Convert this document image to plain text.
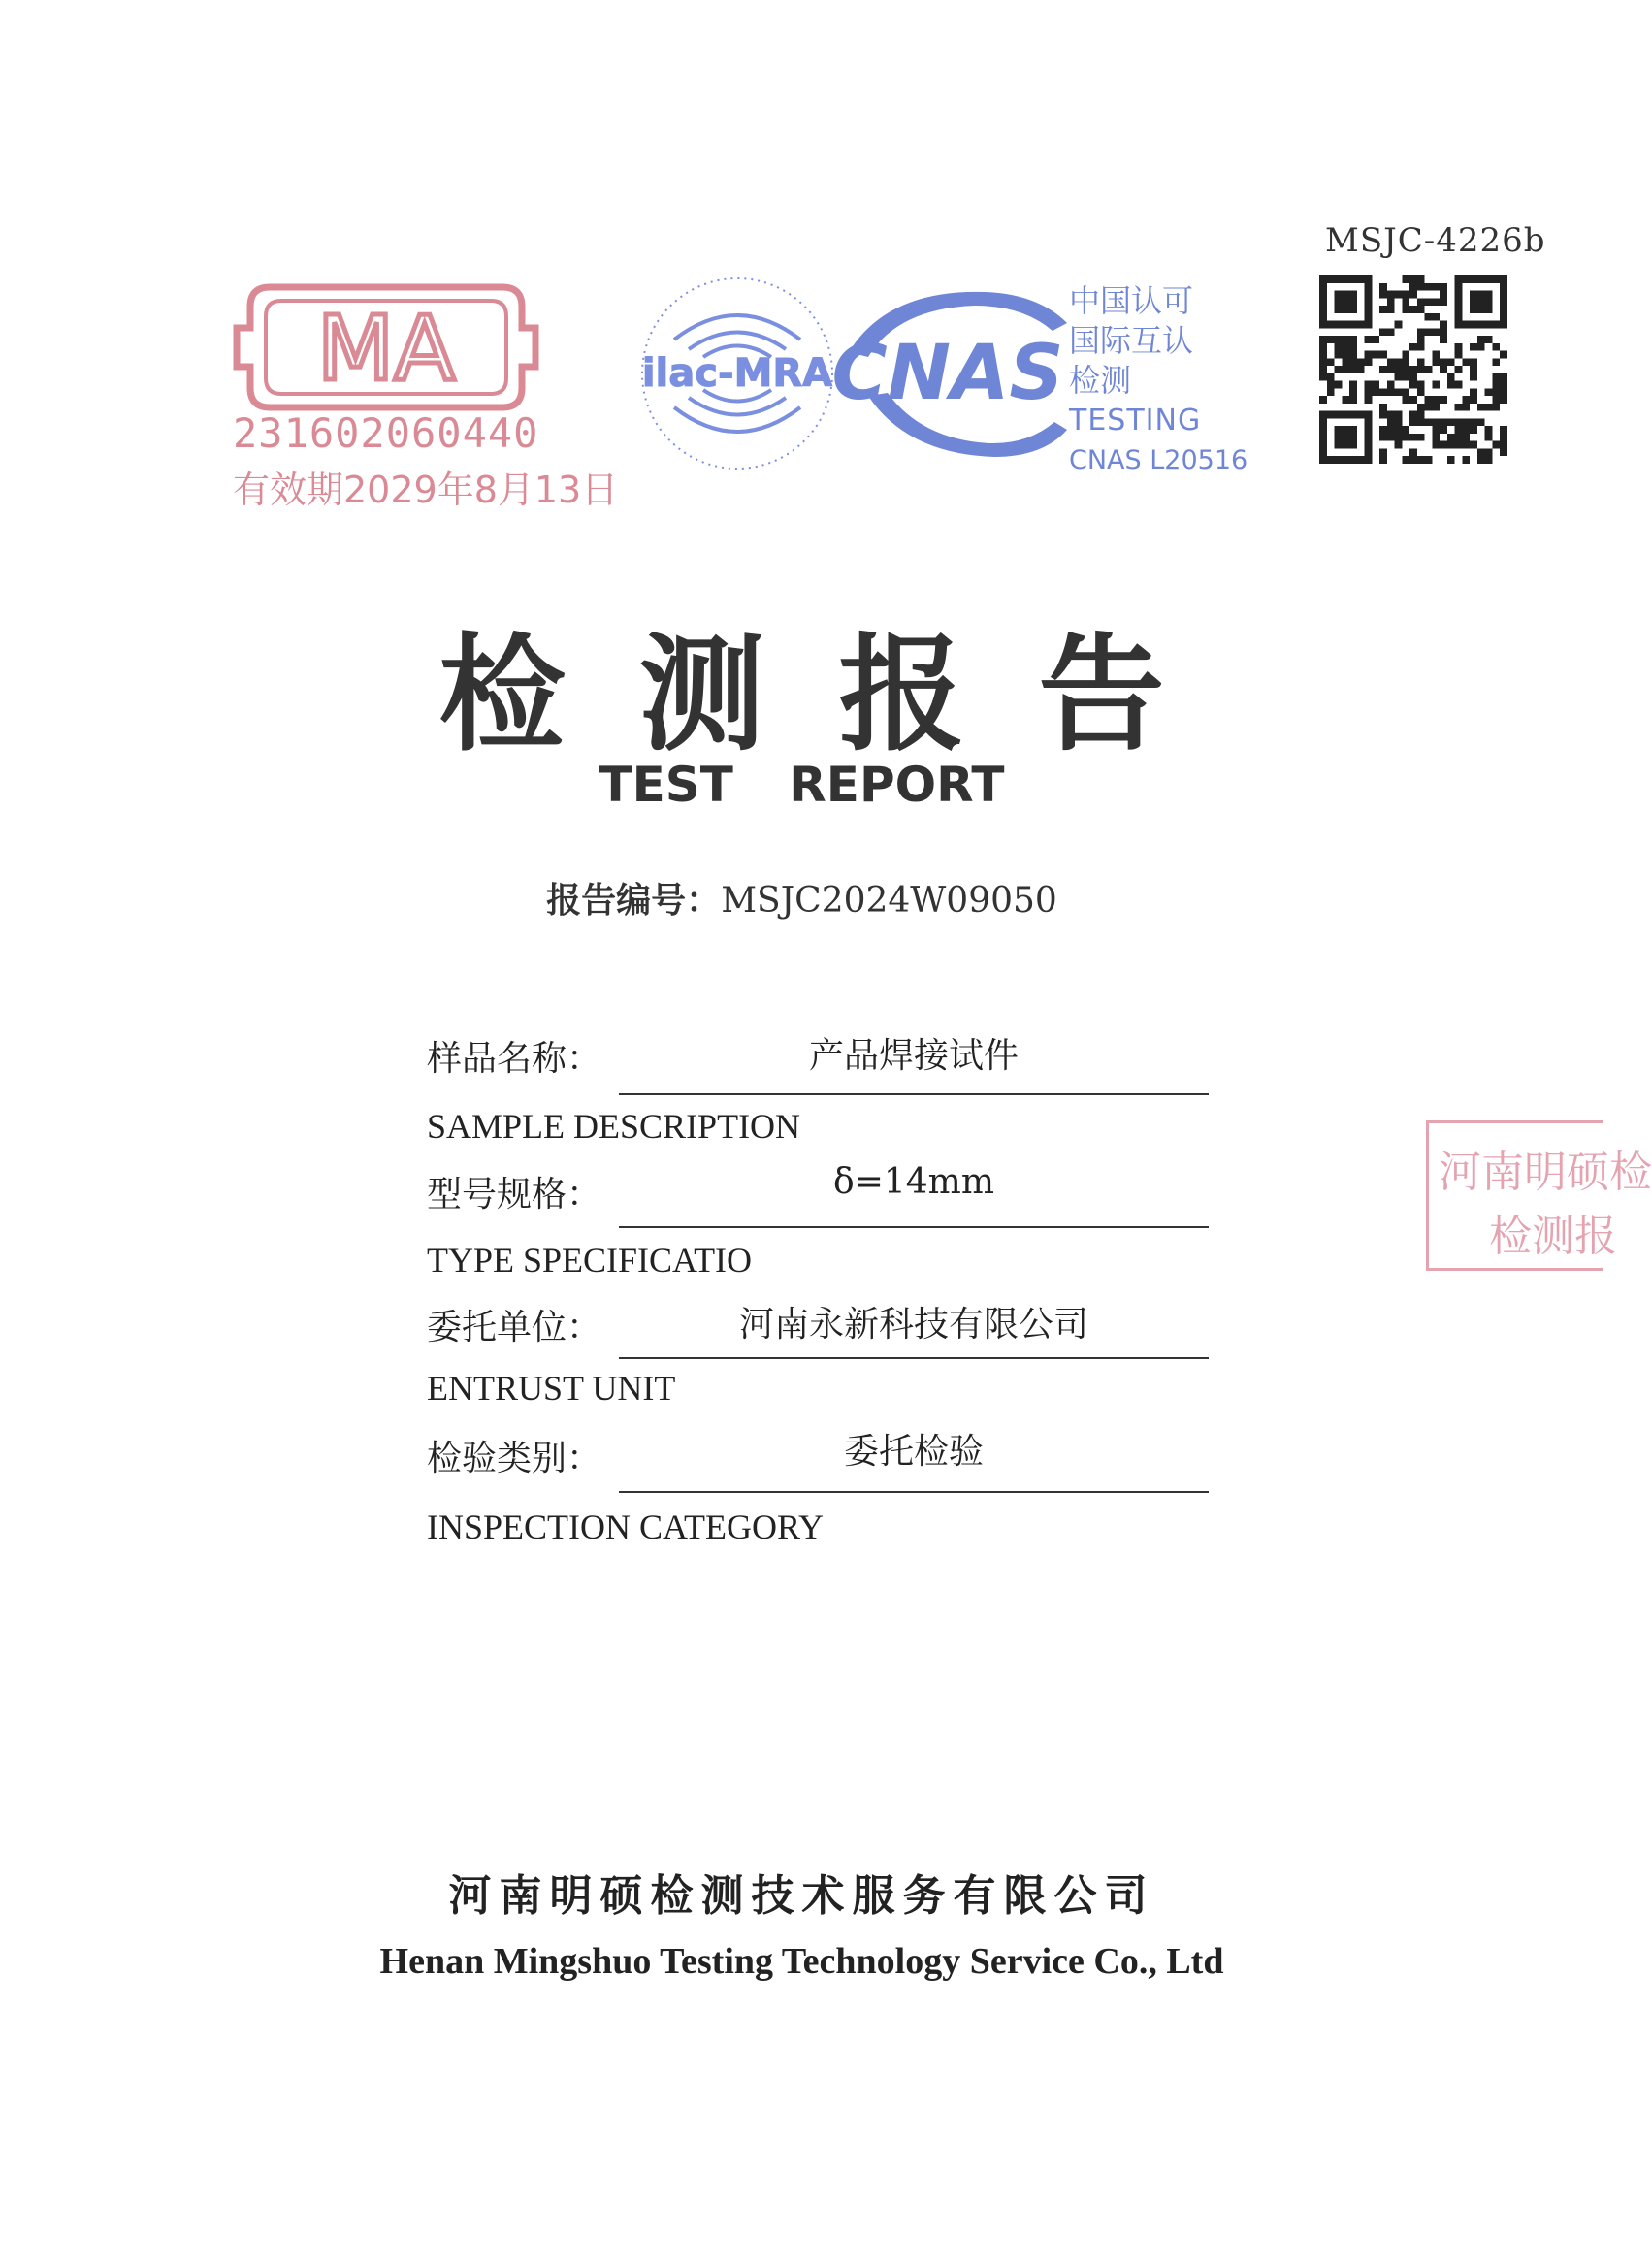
MSJC-4226b
MA
231602060440
有效期2029年8月13日
ilac-MRA CNAS
中国认可
国际互认
检测
TESTING
CNAS L20516
检测报告
TEST REPORT
报告编号：MSJC2024W09050
样品名称：	产品焊接试件
SAMPLE DESCRIPTION
型号规格：	δ=14mm
TYPE SPECIFICATIO
委托单位：	河南永新科技有限公司
ENTRUST UNIT
检验类别：	委托检验
INSPECTION CATEGORY
河南明硕检
检测报
河南明硕检测技术服务有限公司
Henan Mingshuo Testing Technology Service Co., Ltd
